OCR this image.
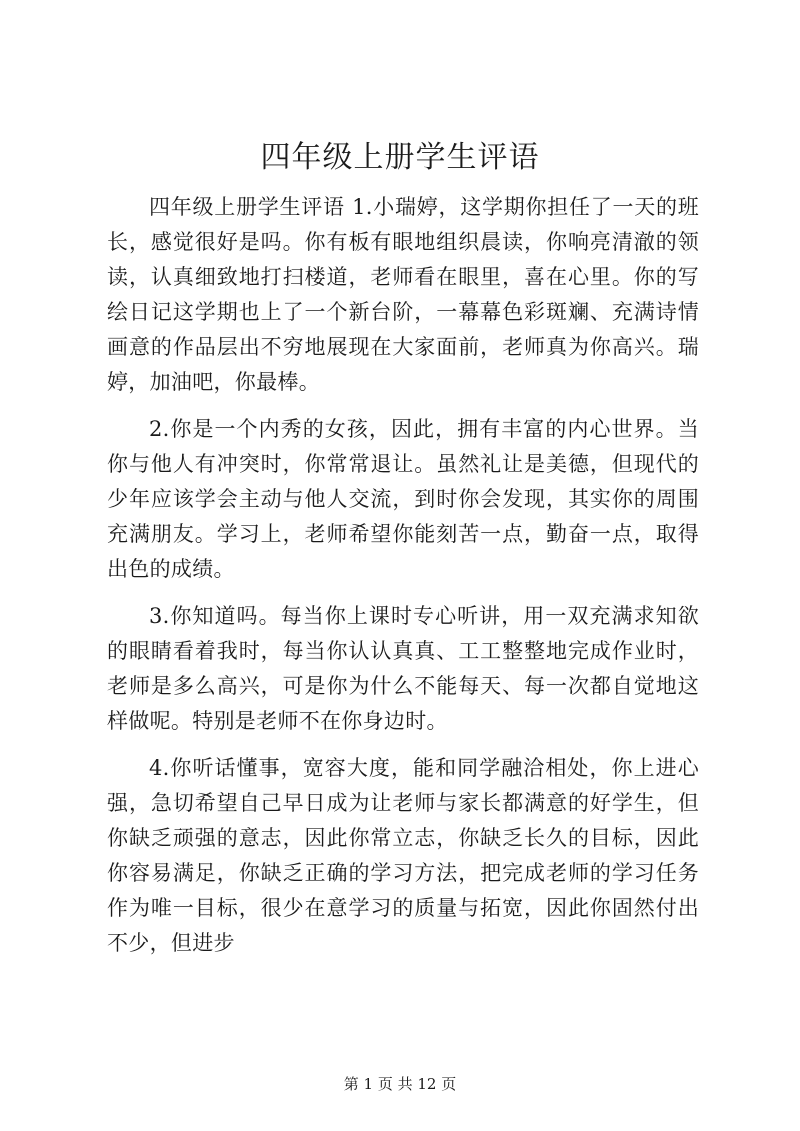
四年级上册学生评语

四年级上册学生评语 1.小瑞婷，这学期你担任了一天的班长，感觉很好是吗。你有板有眼地组织晨读，你响亮清澈的领读，认真细致地打扫楼道，老师看在眼里，喜在心里。你的写绘日记这学期也上了一个新台阶，一幕幕色彩斑斓、充满诗情画意的作品层出不穷地展现在大家面前，老师真为你高兴。瑞婷，加油吧，你最棒。

2.你是一个内秀的女孩，因此，拥有丰富的内心世界。当你与他人有冲突时，你常常退让。虽然礼让是美德，但现代的少年应该学会主动与他人交流，到时你会发现，其实你的周围充满朋友。学习上，老师希望你能刻苦一点，勤奋一点，取得出色的成绩。

3.你知道吗。每当你上课时专心听讲，用一双充满求知欲的眼睛看着我时，每当你认认真真、工工整整地完成作业时，老师是多么高兴，可是你为什么不能每天、每一次都自觉地这样做呢。特别是老师不在你身边时。

4.你听话懂事，宽容大度，能和同学融洽相处，你上进心强，急切希望自己早日成为让老师与家长都满意的好学生，但你缺乏顽强的意志，因此你常立志，你缺乏长久的目标，因此你容易满足，你缺乏正确的学习方法，把完成老师的学习任务作为唯一目标，很少在意学习的质量与拓宽，因此你固然付出不少，但进步

第 1 页 共 12 页
